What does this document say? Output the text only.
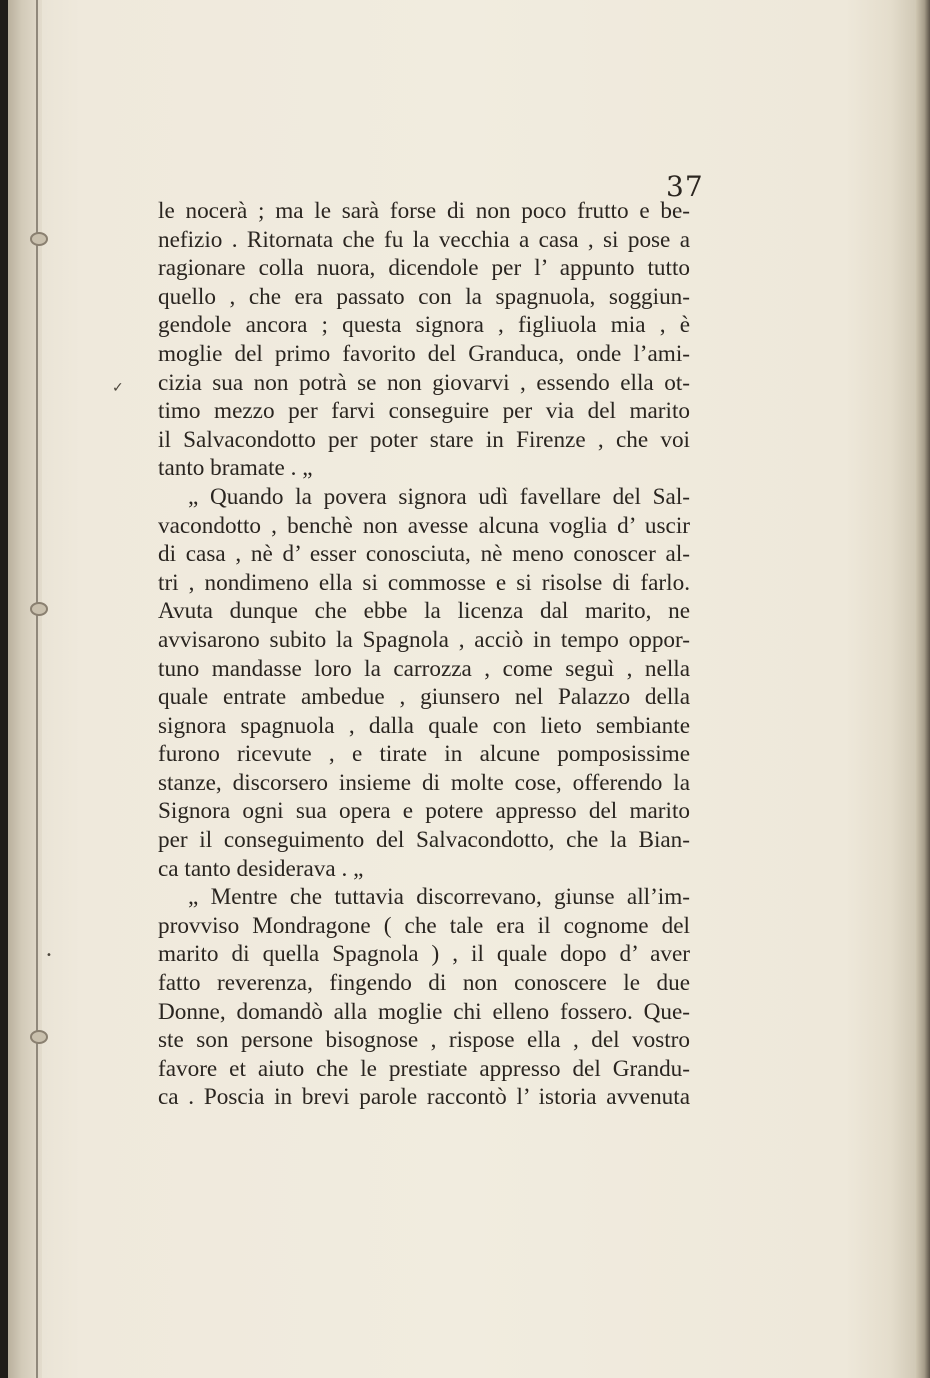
✓
•
37
le nocerà ; ma le sarà forse di non poco frutto e be-
nefizio . Ritornata che fu la vecchia a casa , si pose a
ragionare colla nuora, dicendole per l’ appunto tutto
quello , che era passato con la spagnuola, soggiun-
gendole ancora ; questa signora , figliuola mia , è
moglie del primo favorito del Granduca, onde l’ami-
cizia sua non potrà se non giovarvi , essendo ella ot-
timo mezzo per farvi conseguire per via del marito
il Salvacondotto per poter stare in Firenze , che voi
tanto bramate . „
„ Quando la povera signora udì favellare del Sal-
vacondotto , benchè non avesse alcuna voglia d’ uscir
di casa , nè d’ esser conosciuta, nè meno conoscer al-
tri , nondimeno ella si commosse e si risolse di farlo.
Avuta dunque che ebbe la licenza dal marito, ne
avvisarono subito la Spagnola , acciò in tempo oppor-
tuno mandasse loro la carrozza , come seguì , nella
quale entrate ambedue , giunsero nel Palazzo della
signora spagnuola , dalla quale con lieto sembiante
furono ricevute , e tirate in alcune pomposissime
stanze, discorsero insieme di molte cose, offerendo la
Signora ogni sua opera e potere appresso del marito
per il conseguimento del Salvacondotto, che la Bian-
ca tanto desiderava . „
„ Mentre che tuttavia discorrevano, giunse all’im-
provviso Mondragone ( che tale era il cognome del
marito di quella Spagnola ) , il quale dopo d’ aver
fatto reverenza, fingendo di non conoscere le due
Donne, domandò alla moglie chi elleno fossero. Que-
ste son persone bisognose , rispose ella , del vostro
favore et aiuto che le prestiate appresso del Grandu-
ca . Poscia in brevi parole raccontò l’ istoria avvenuta
